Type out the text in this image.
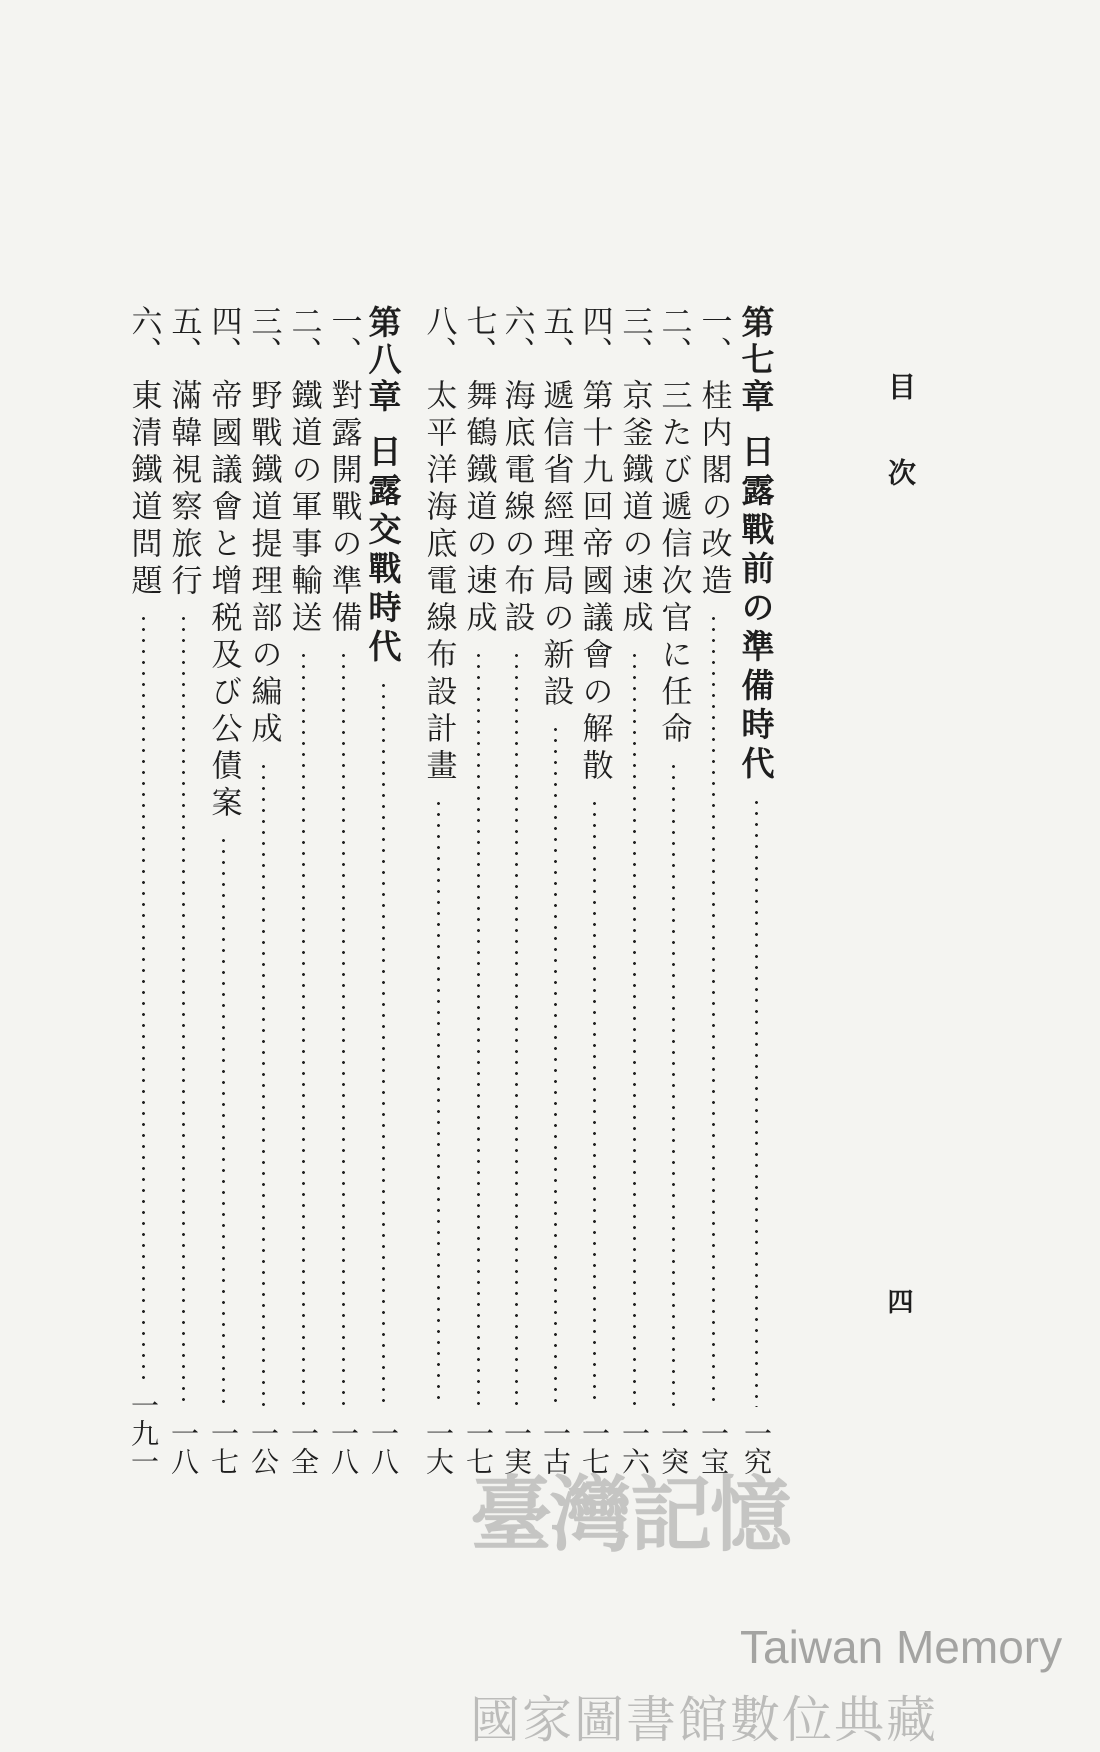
目次
四
第七章
日露戰前の準備時代
一究
一、
桂内閣の改造
一宝
二、
三たび遞信次官に任命
一突
三、
京釜鐵道の速成
一六
四、
第十九回帝國議會の解散
一七
五、
遞信省經理局の新設
一古
六、
海底電線の布設
一実
七、
舞鶴鐵道の速成
一七
八、
太平洋海底電線布設計畫
一大
第八章
日露交戰時代
一八
一、
對露開戰の準備
一八
二、
鐵道の軍事輸送
一全
三、
野戰鐵道提理部の編成
一公
四、
帝國議會と增税及び公債案
一七
五、
滿韓視察旅行
一八
六、
東清鐵道問題
一九一
臺灣記憶
Taiwan Memory
國家圖書館數位典藏
